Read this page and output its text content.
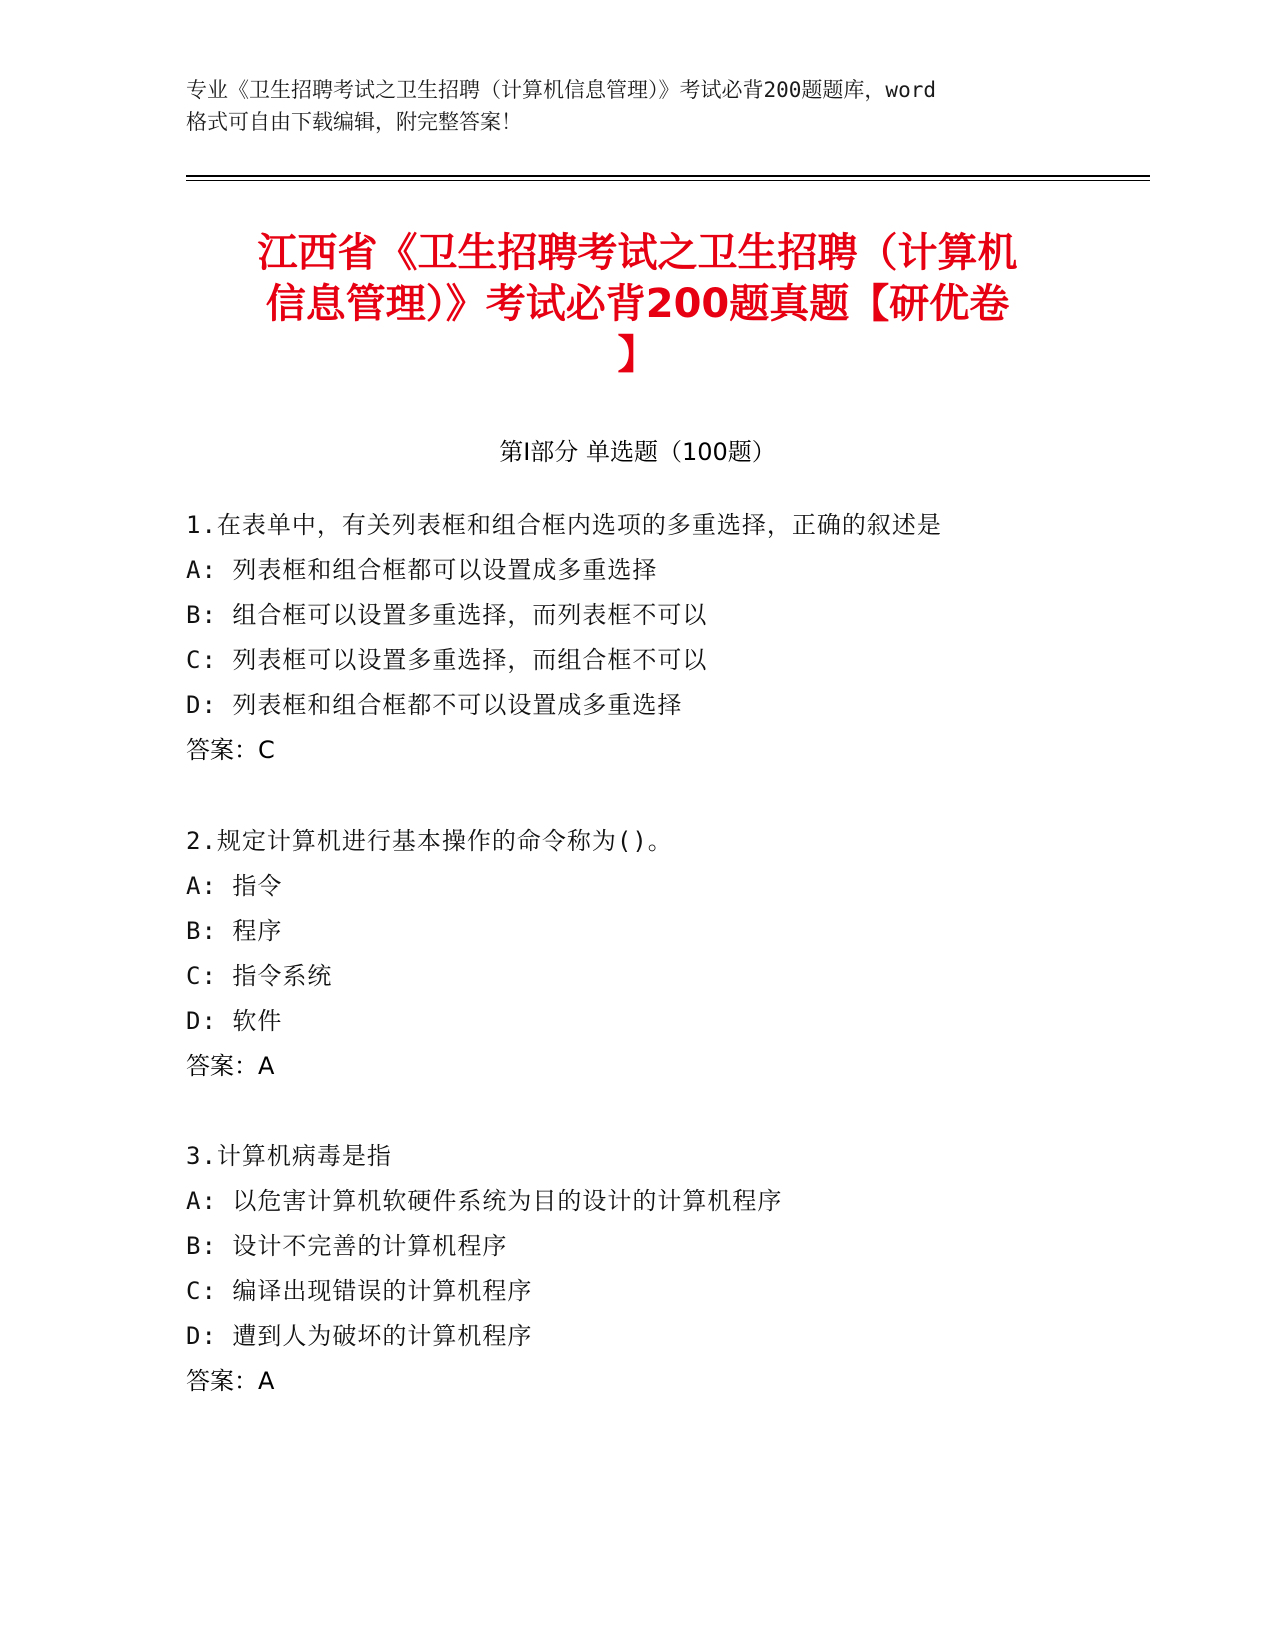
专业《卫生招聘考试之卫生招聘（计算机信息管理）》考试必背200题题库，word
格式可自由下载编辑，附完整答案！
江西省《卫生招聘考试之卫生招聘（计算机
信息管理）》考试必背200题真题【研优卷
】
第Ⅰ部分 单选题（100题）
1.在表单中，有关列表框和组合框内选项的多重选择，正确的叙述是
A: 列表框和组合框都可以设置成多重选择
B: 组合框可以设置多重选择，而列表框不可以
C: 列表框可以设置多重选择，而组合框不可以
D: 列表框和组合框都不可以设置成多重选择
答案：C
2.规定计算机进行基本操作的命令称为()。
A: 指令
B: 程序
C: 指令系统
D: 软件
答案：A
3.计算机病毒是指
A: 以危害计算机软硬件系统为目的设计的计算机程序
B: 设计不完善的计算机程序
C: 编译出现错误的计算机程序
D: 遭到人为破坏的计算机程序
答案：A
